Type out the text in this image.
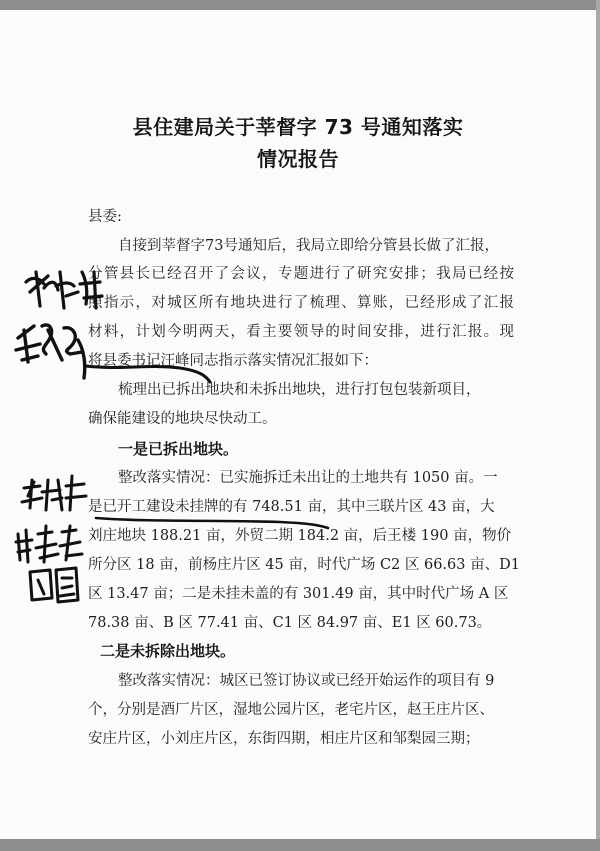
县住建局关于莘督字 73 号通知落实
情况报告
县委:
自接到莘督字73号通知后，我局立即给分管县长做了汇报，
分管县长已经召开了会议，专题进行了研究安排；我局已经按
照指示，对城区所有地块进行了梳理、算账，已经形成了汇报
材料，计划今明两天，看主要领导的时间安排，进行汇报。现
将县委书记汪峰同志指示落实情况汇报如下：
梳理出已拆出地块和未拆出地块，进行打包包装新项目，
确保能建设的地块尽快动工。
一是已拆出地块。
整改落实情况：已实施拆迁未出让的土地共有 1050 亩。一
是已开工建设未挂牌的有 748.51 亩，其中三联片区 43 亩，大
刘庄地块 188.21 亩，外贸二期 184.2 亩，后王楼 190 亩，物价
所分区 18 亩，前杨庄片区 45 亩，时代广场 C2 区 66.63 亩、D1
区 13.47 亩；二是未挂未盖的有 301.49 亩，其中时代广场 A 区
78.38 亩、B 区 77.41 亩、C1 区 84.97 亩、E1 区 60.73。
二是未拆除出地块。
整改落实情况：城区已签订协议或已经开始运作的项目有 9
个，分别是酒厂片区，湿地公园片区，老宅片区，赵王庄片区、
安庄片区，小刘庄片区，东街四期，相庄片区和邹梨园三期；
